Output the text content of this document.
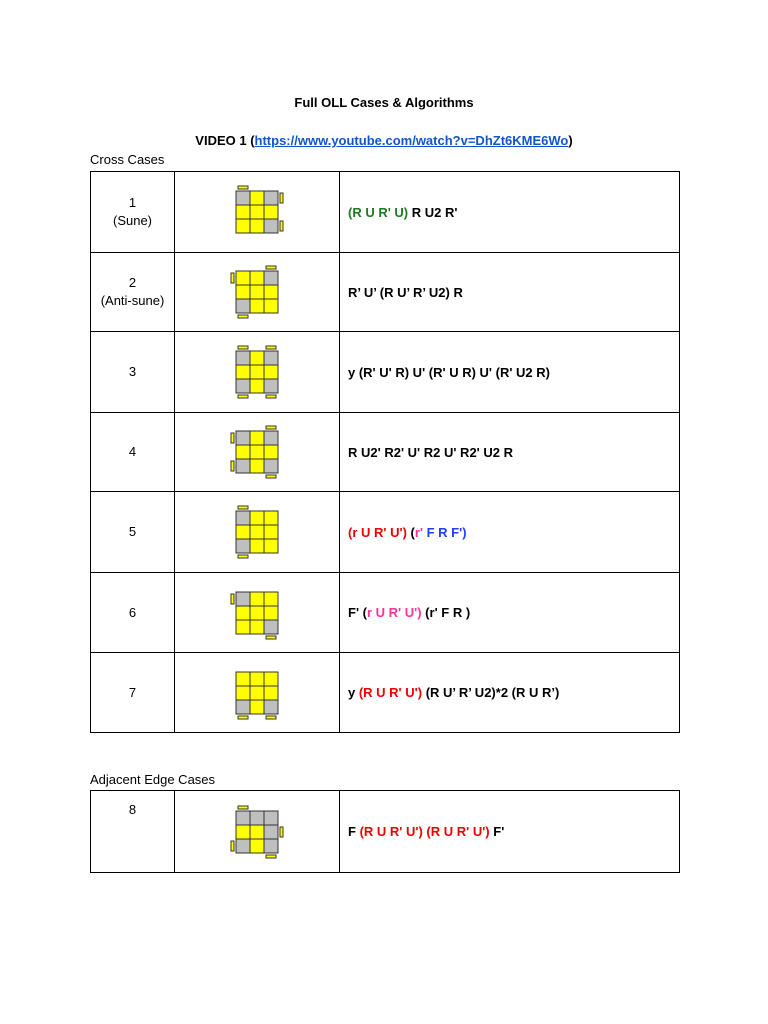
Full OLL Cases & Algorithms
VIDEO 1 (https://www.youtube.com/watch?v=DhZt6KME6Wo)
Cross Cases
1
(Sune)		(R U R' U) R U2 R'

2
(Anti-sune)		R’ U’ (R U’ R’ U2) R

3		y (R' U' R) U' (R' U R) U' (R' U2 R)

4		R U2' R2' U' R2 U' R2' U2 R

5		(r U R' U') (r' F R F')

6		F' (r U R' U') (r' F R )

7		y (R U R' U') (R U’ R’ U2)*2 (R U R’)
Adjacent Edge Cases
8

	F (R U R' U') (R U R' U') F'
